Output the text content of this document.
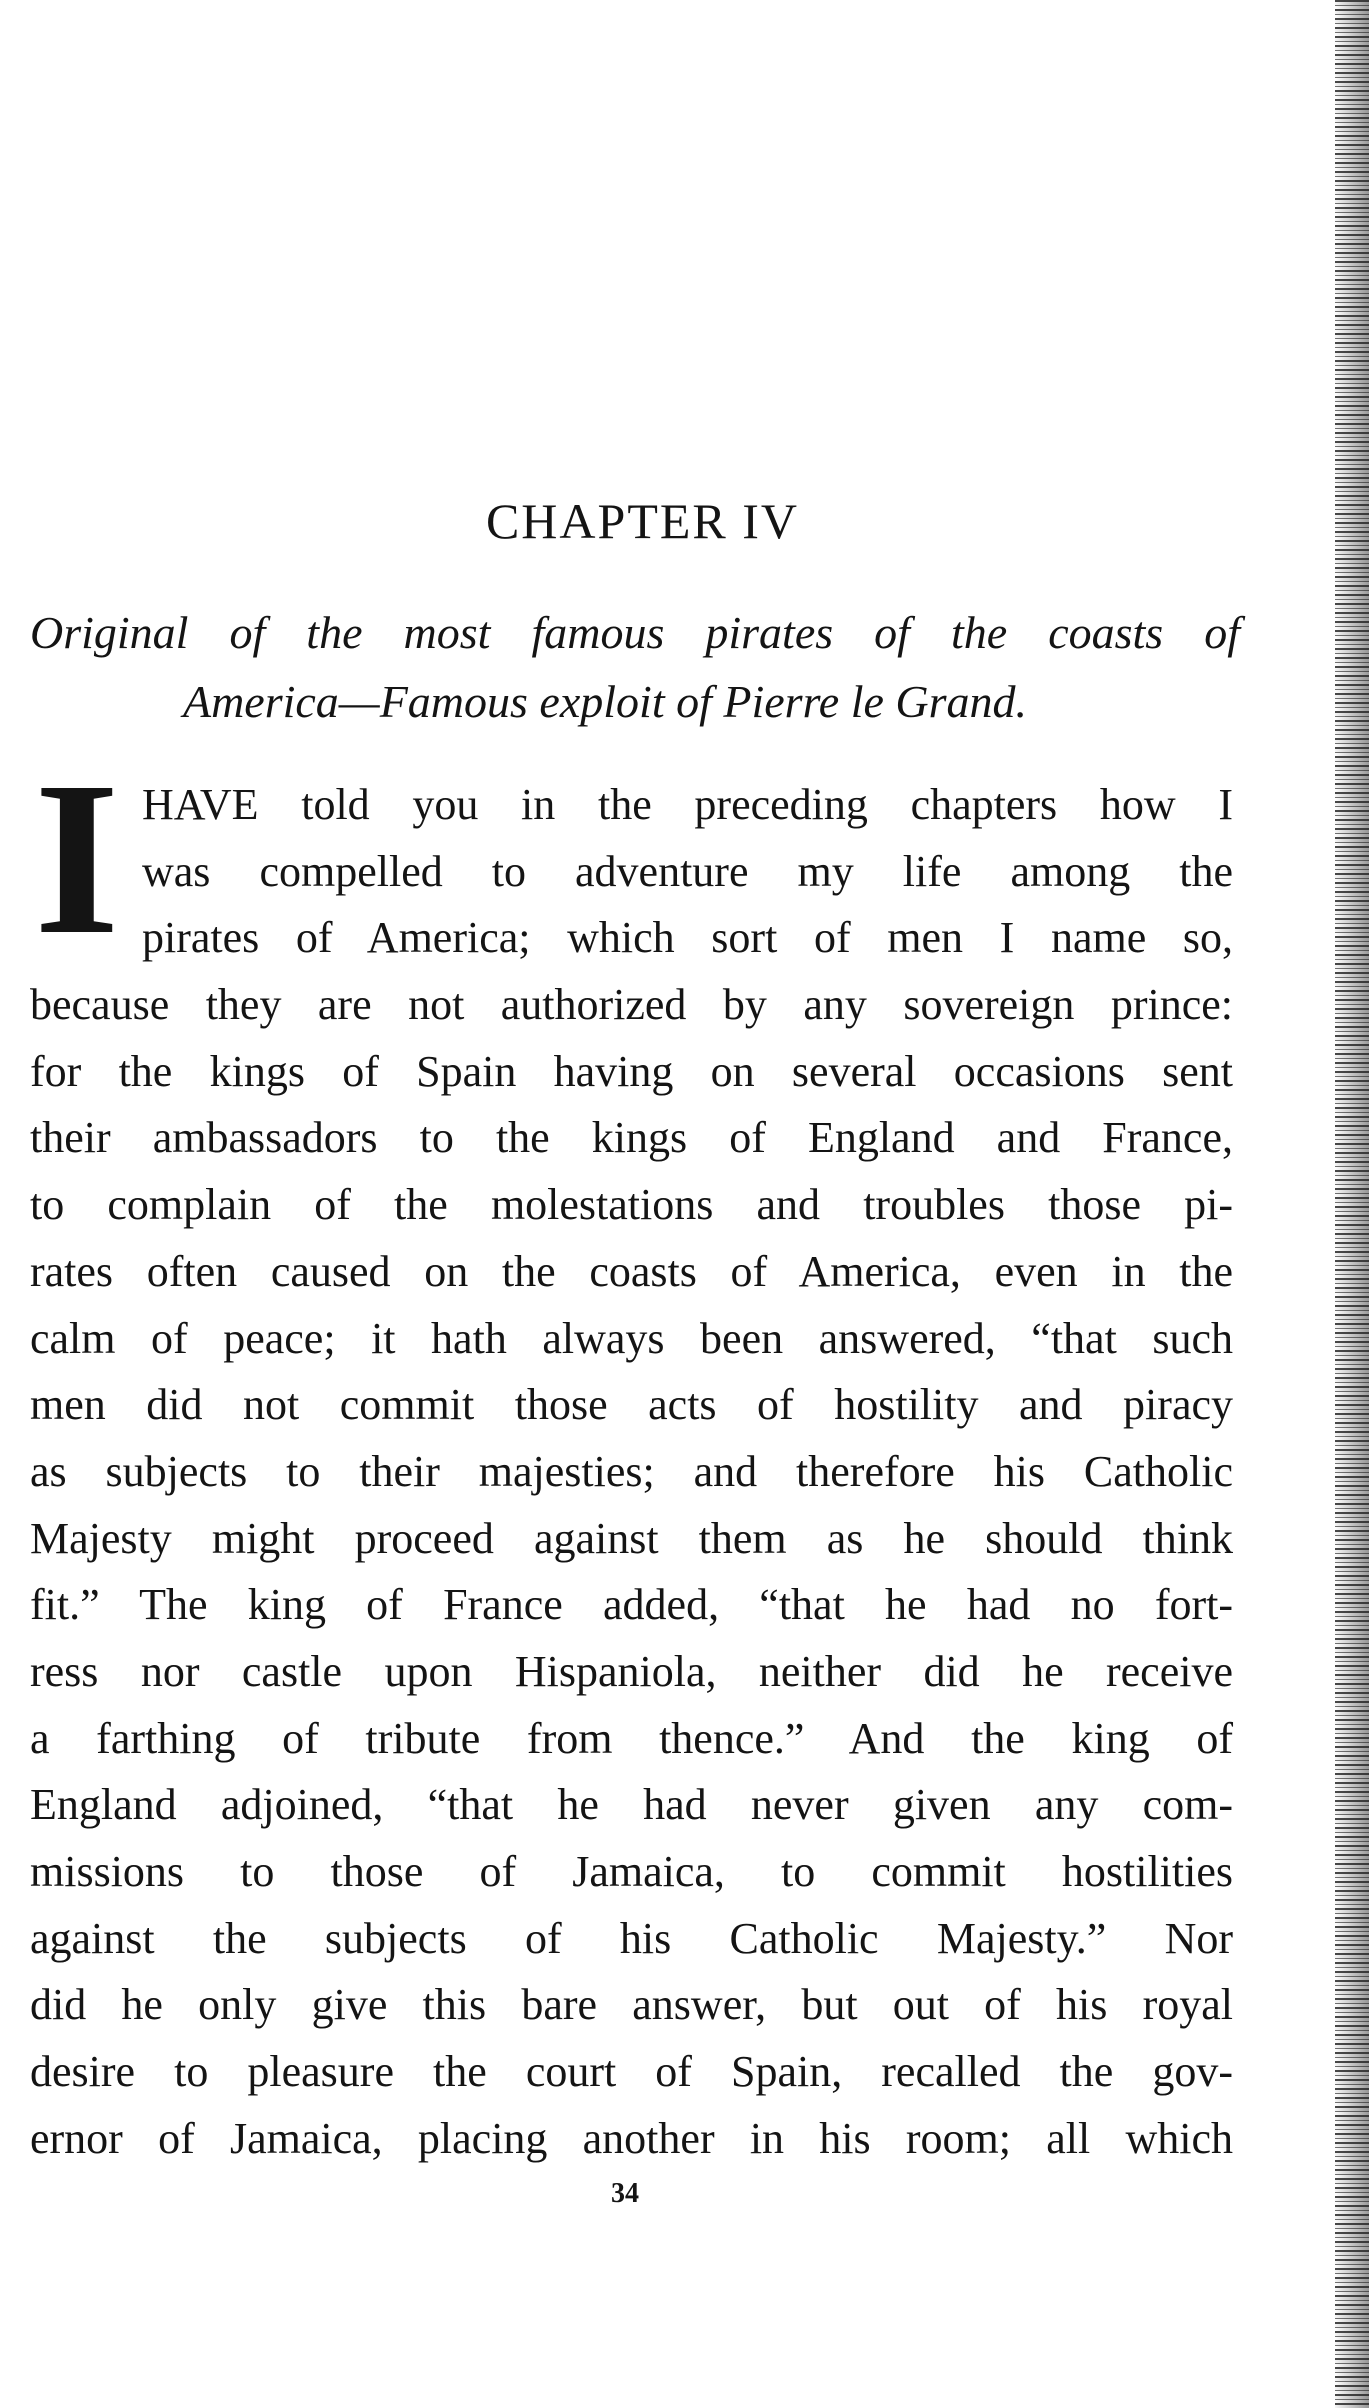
CHAPTER IV

Original of the most famous pirates of the coasts of
America—Famous exploit of Pierre le Grand.

I HAVE told you in the preceding chapters how I
was compelled to adventure my life among the
pirates of America; which sort of men I name so,
because they are not authorized by any sovereign prince:
for the kings of Spain having on several occasions sent
their ambassadors to the kings of England and France,
to complain of the molestations and troubles those pi-
rates often caused on the coasts of America, even in the
calm of peace; it hath always been answered, “that such
men did not commit those acts of hostility and piracy
as subjects to their majesties; and therefore his Catholic
Majesty might proceed against them as he should think
fit.” The king of France added, “that he had no fort-
ress nor castle upon Hispaniola, neither did he receive
a farthing of tribute from thence.” And the king of
England adjoined, “that he had never given any com-
missions to those of Jamaica, to commit hostilities
against the subjects of his Catholic Majesty.” Nor
did he only give this bare answer, but out of his royal
desire to pleasure the court of Spain, recalled the gov-
ernor of Jamaica, placing another in his room; all which
34
